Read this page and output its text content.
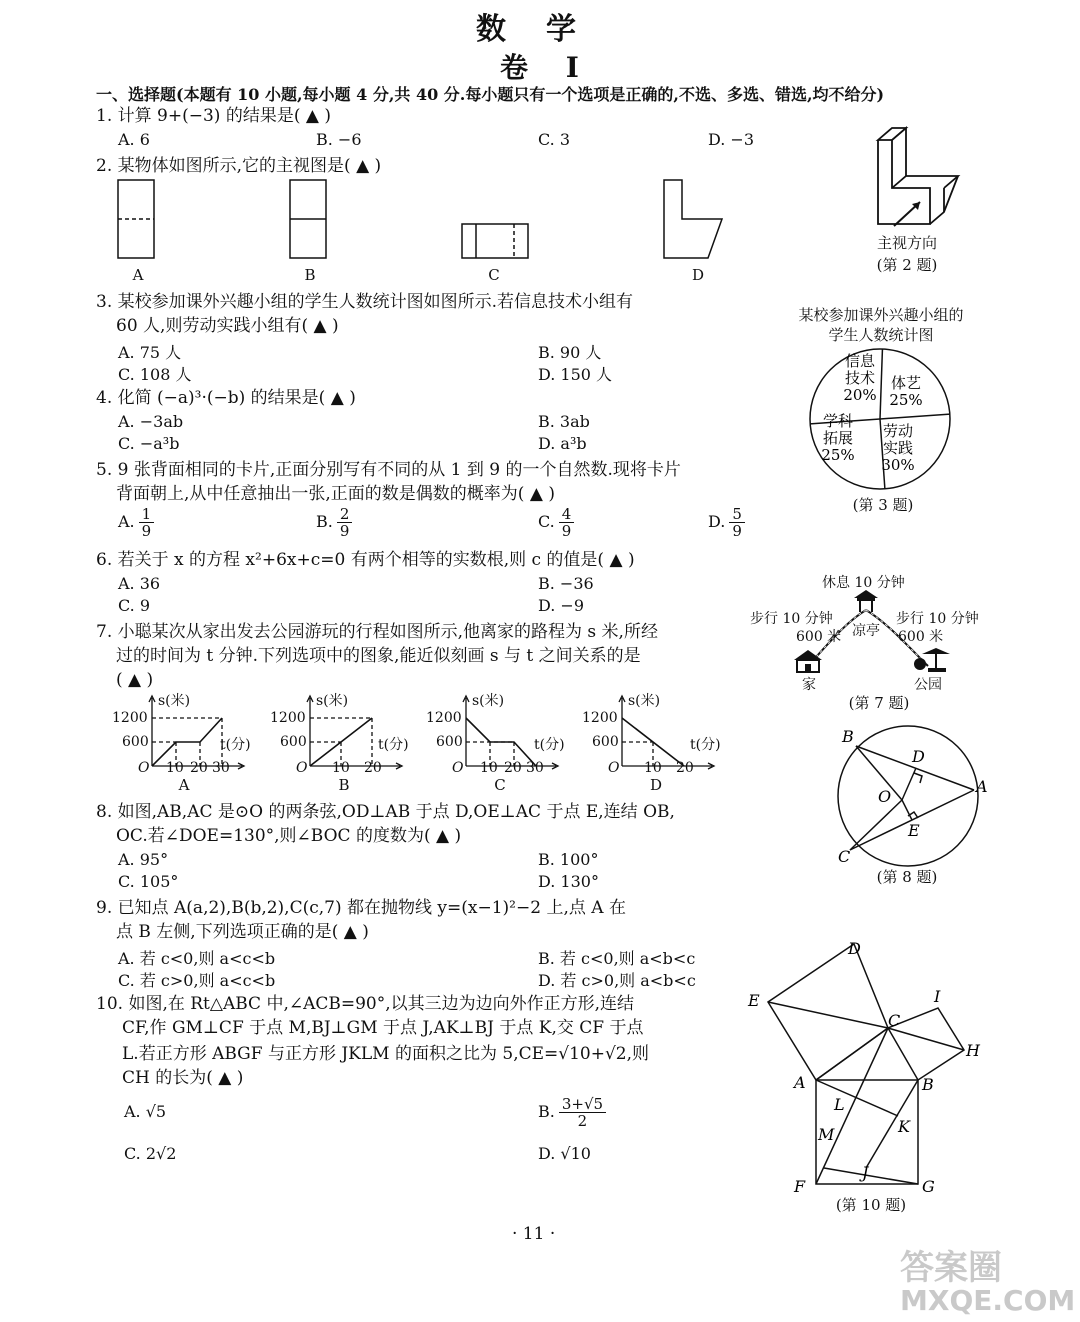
数学
卷 I
一、选择题(本题有 10 小题,每小题 4 分,共 40 分.每小题只有一个选项是正确的,不选、多选、错选,均不给分)
1. 计算 9+(−3) 的结果是( ▲ )
A. 6	B. −6	C. 3	D. −3
2. 某物体如图所示,它的主视图是( ▲ )
A	B	C	D
主视方向
(第 2 题)
3. 某校参加课外兴趣小组的学生人数统计图如图所示.若信息技术小组有
60 人,则劳动实践小组有( ▲ )
A. 75 人	B. 90 人
C. 108 人	D. 150 人
某校参加课外兴趣小组的
学生人数统计图
信息技术 20%
体艺 25%
劳动实践 30%
学科拓展 25%
(第 3 题)
4. 化简 (−a)³·(−b) 的结果是( ▲ )
A. −3ab	B. 3ab
C. −a³b	D. a³b
5. 9 张背面相同的卡片,正面分别写有不同的从 1 到 9 的一个自然数.现将卡片
背面朝上,从中任意抽出一张,正面的数是偶数的概率为( ▲ )
A. $\frac{1}{9}$	B. $\frac{2}{9}$	C. $\frac{4}{9}$	D. $\frac{5}{9}$
6. 若关于 x 的方程 x²+6x+c=0 有两个相等的实数根,则 c 的值是( ▲ )
A. 36	B. −36
C. 9	D. −9
7. 小聪某次从家出发去公园游玩的行程如图所示,他离家的路程为 s 米,所经
过的时间为 t 分钟.下列选项中的图象,能近似刻画 s 与 t 之间关系的是
( ▲ )
休息 10 分钟
步行 10 分钟
600 米
步行 10 分钟
600 米
凉亭
家	公园
(第 7 题)
s(米)
1200
600	t(分)
O 10 20 30
A
s(米)
1200
600	t(分)
O 10 20
B
s(米)
1200
600	t(分)
O 10 20 30
C
s(米)
1200
600	t(分)
O 10 20
D
8. 如图,AB,AC 是⊙O 的两条弦,OD⊥AB 于点 D,OE⊥AC 于点 E,连结 OB,
OC.若∠DOE=130°,则∠BOC 的度数为( ▲ )
A. 95°	B. 100°
C. 105°	D. 130°
B
D
A
O
E
C
(第 8 题)
9. 已知点 A(a,2),B(b,2),C(c,7) 都在抛物线 y=(x−1)²−2 上,点 A 在
点 B 左侧,下列选项正确的是( ▲ )
A. 若 c<0,则 a<c<b	B. 若 c<0,则 a<b<c
C. 若 c>0,则 a<c<b	D. 若 c>0,则 a<b<c
10. 如图,在 Rt△ABC 中,∠ACB=90°,以其三边为边向外作正方形,连结
CF,作 GM⊥CF 于点 M,BJ⊥GM 于点 J,AK⊥BJ 于点 K,交 CF 于点
L.若正方形 ABGF 与正方形 JKLM 的面积之比为 5,CE=√10+√2,则
CH 的长为( ▲ )
A. √5	B. $\frac{3+√5}{2}$
C. 2√2	D. √10
D
E	I
C
H
A	B
L
K
M
J
F	G
(第 10 题)
· 11 ·
答案圈
MXQE.COM
